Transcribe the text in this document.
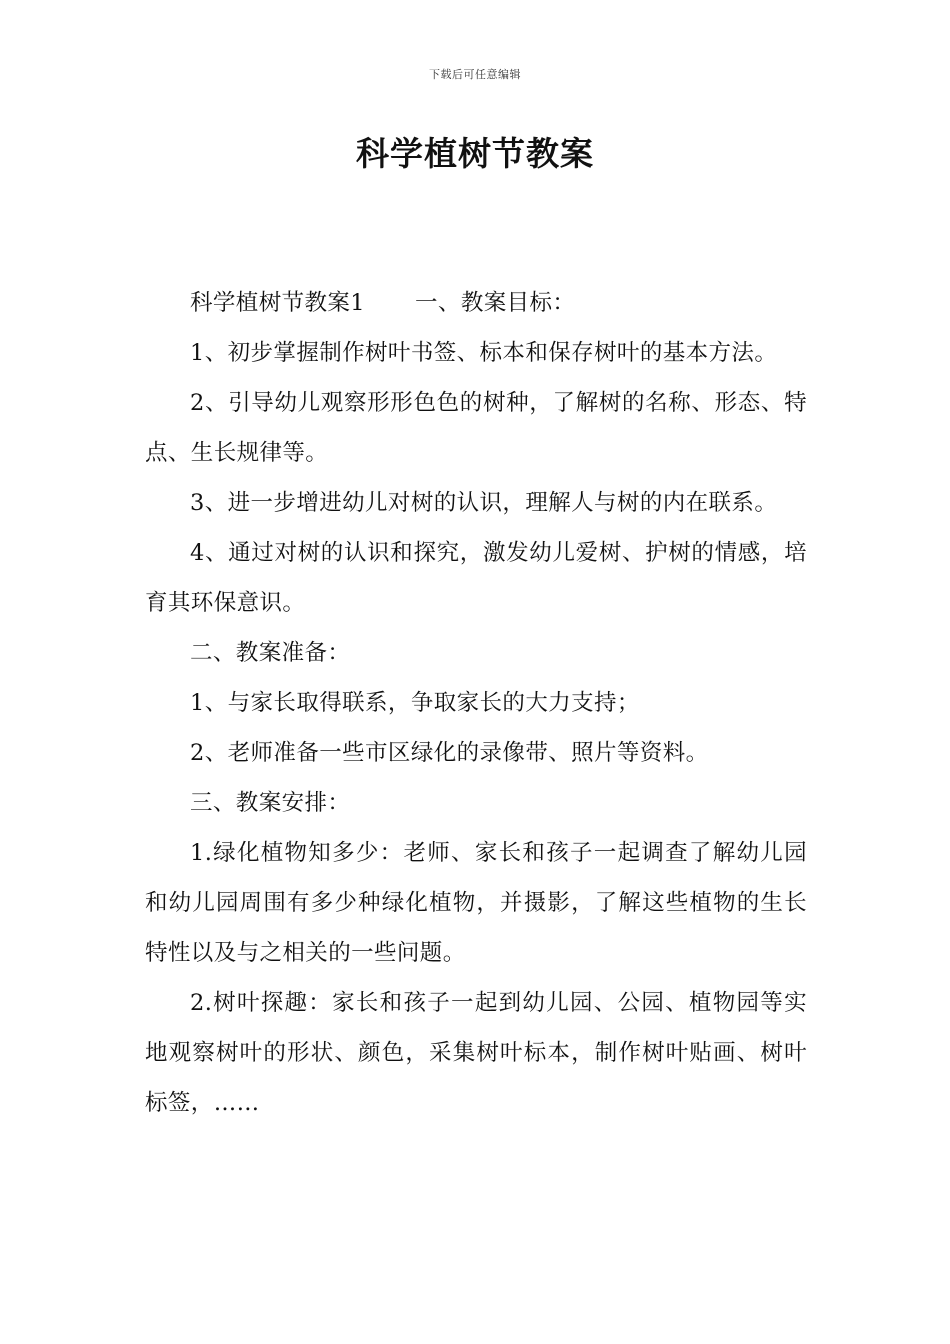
下载后可任意编辑
科学植树节教案

科学植树节教案1 一、教案目标：

1、初步掌握制作树叶书签、标本和保存树叶的基本方法。

2、引导幼儿观察形形色色的树种，了解树的名称、形态、特点、生长规律等。

3、进一步增进幼儿对树的认识，理解人与树的内在联系。

4、通过对树的认识和探究，激发幼儿爱树、护树的情感，培育其环保意识。

二、教案准备：

1、与家长取得联系，争取家长的大力支持；

2、老师准备一些市区绿化的录像带、照片等资料。

三、教案安排：

1.绿化植物知多少：老师、家长和孩子一起调查了解幼儿园和幼儿园周围有多少种绿化植物，并摄影，了解这些植物的生长特性以及与之相关的一些问题。

2.树叶探趣：家长和孩子一起到幼儿园、公园、植物园等实地观察树叶的形状、颜色，采集树叶标本，制作树叶贴画、树叶标签，……
